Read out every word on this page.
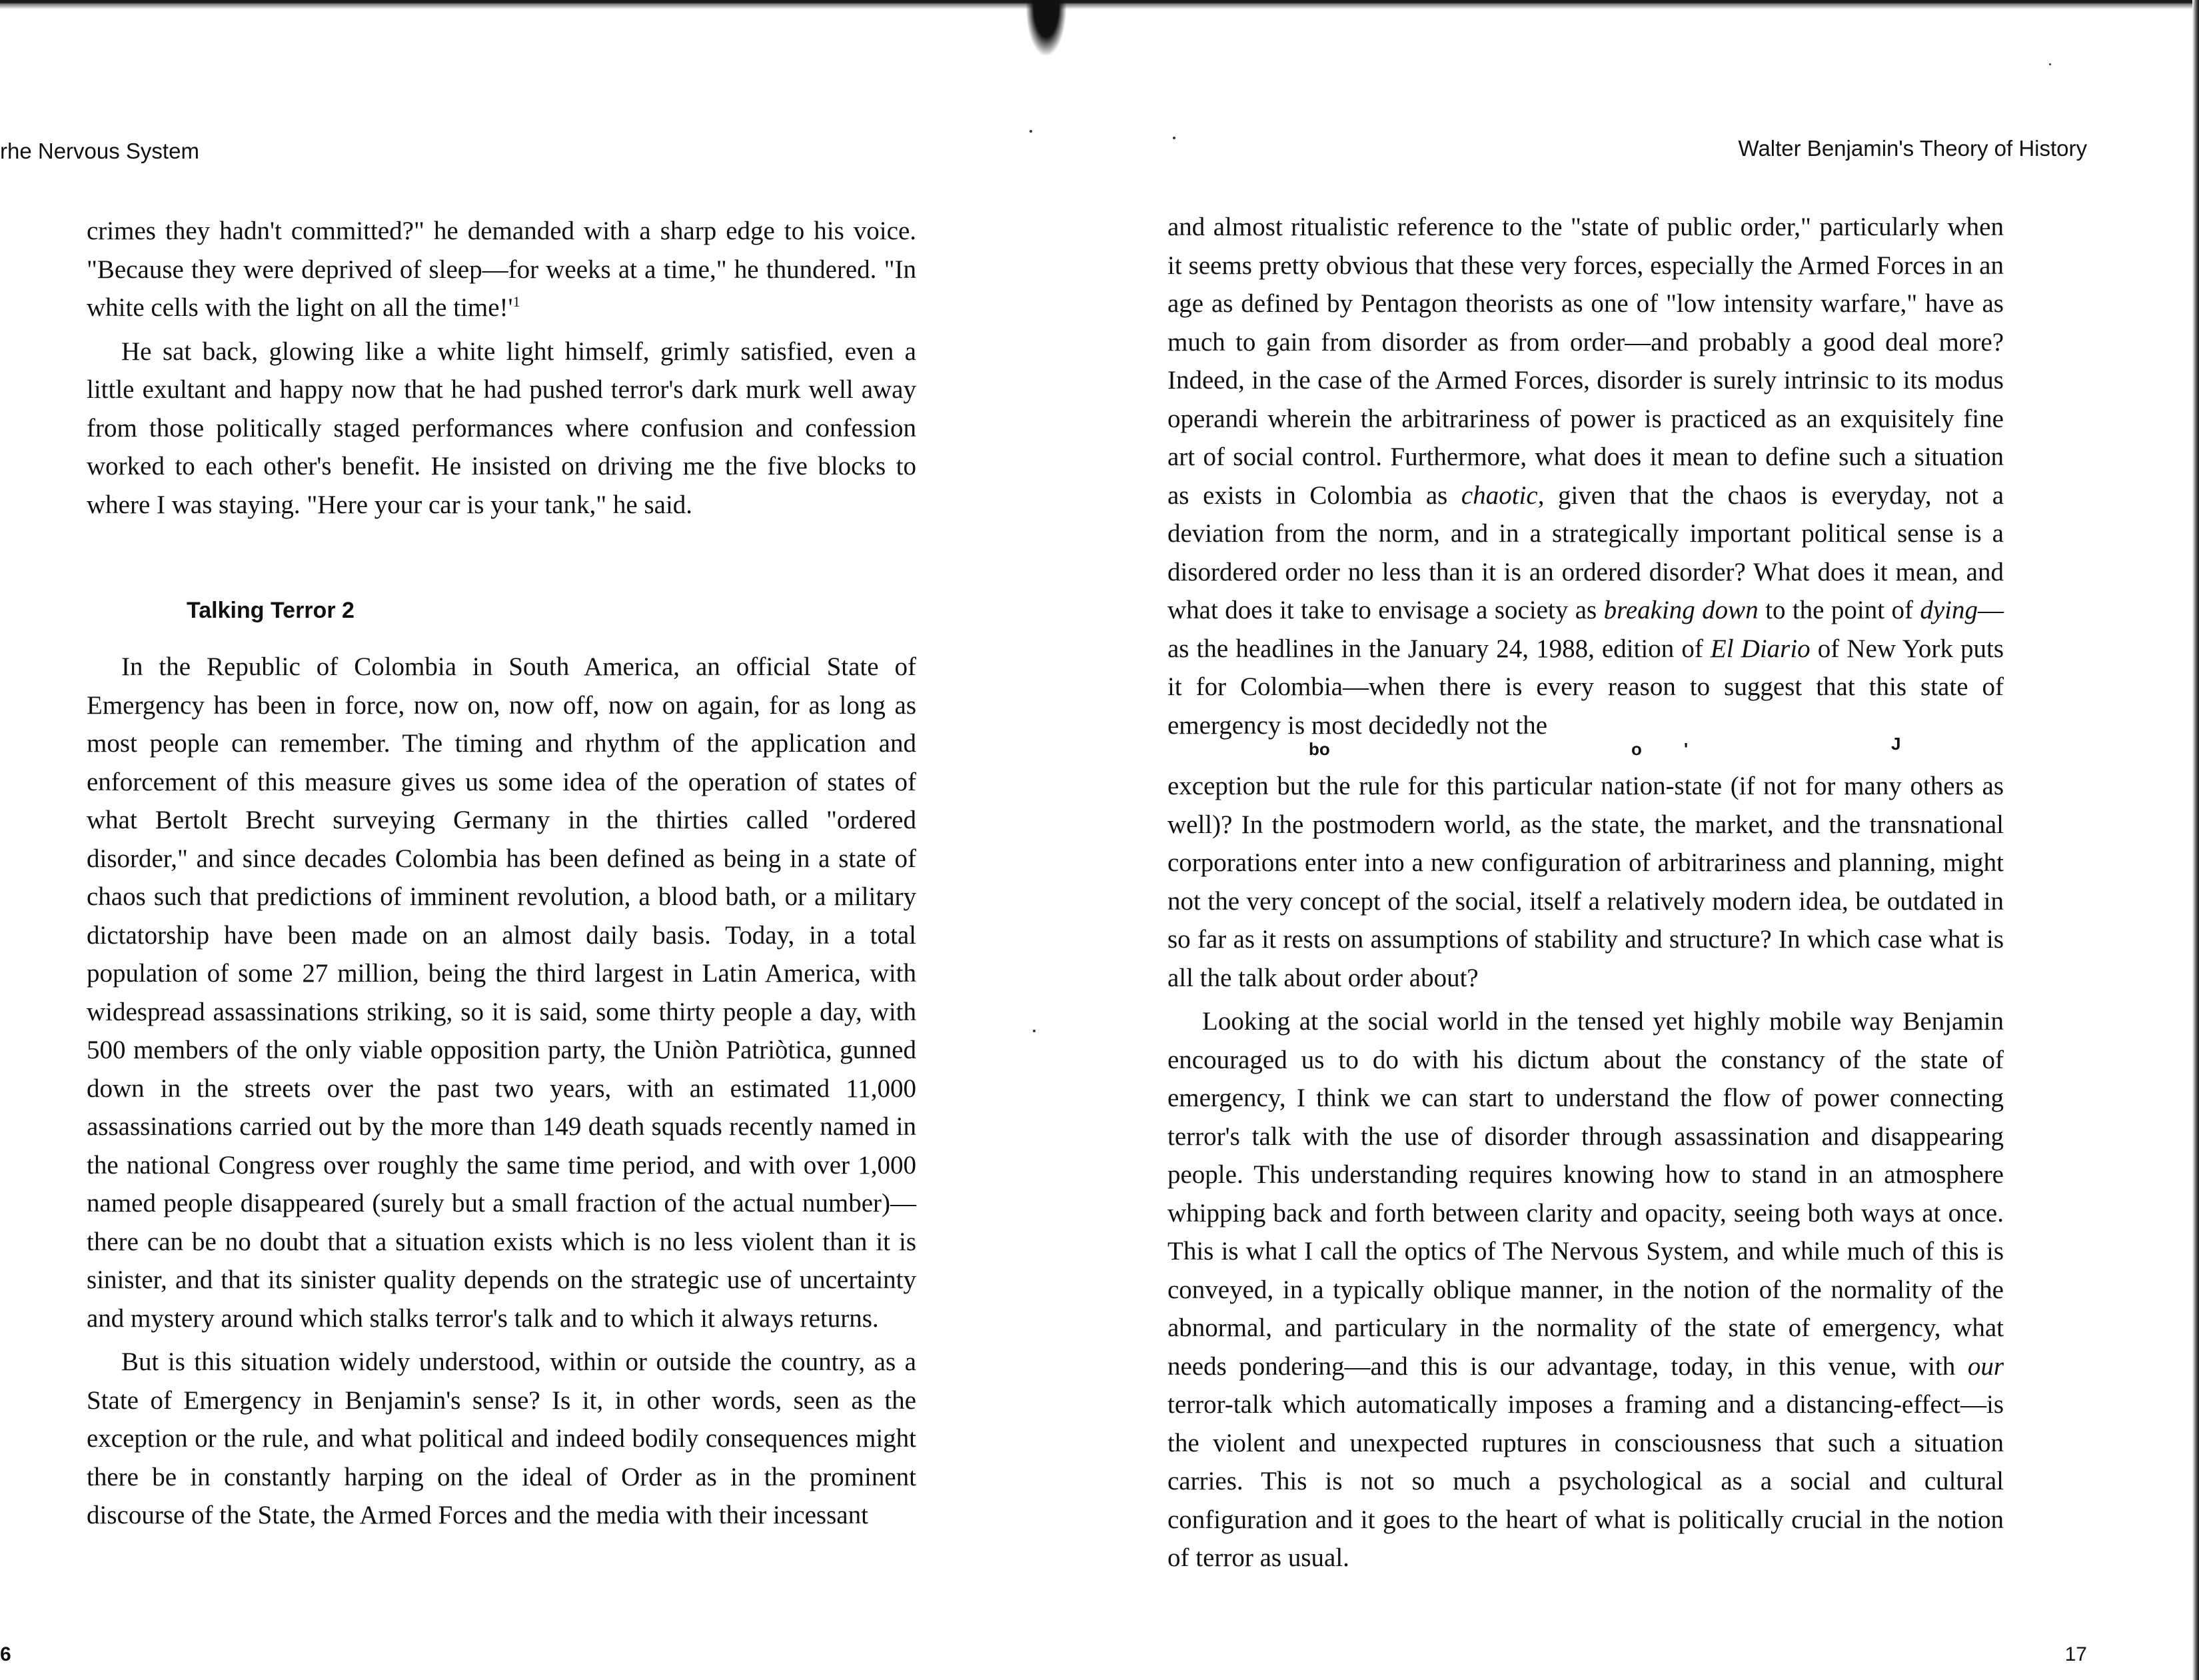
rhe Nervous System	Walter Benjamin's Theory of History

crimes they hadn't committed?" he demanded with a sharp edge to his voice. "Because they were deprived of sleep—for weeks at a time," he thundered. "In white cells with the light on all the $time!'^1$

He sat back, glowing like a white light himself, grimly satisfied, even a little exultant and happy now that he had pushed terror's dark murk well away from those politically staged performances where confusion and confession worked to each other's benefit. He insisted on driving me the five blocks to where I was staying. "Here your car is your tank," he said.

Talking Terror 2

In the Republic of Colombia in South America, an official State of Emergency has been in force, now on, now off, now on again, for as long as most people can remember. The timing and rhythm of the application and enforcement of this measure gives us some idea of the operation of states of what Bertolt Brecht surveying Germany in the thirties called "ordered disorder," and since decades Colombia has been defined as being in a state of chaos such that predictions of imminent revolution, a blood bath, or a military dictatorship have been made on an almost daily basis. Today, in a total population of some 27 million, being the third largest in Latin America, with widespread assassinations striking, so it is said, some thirty people a day, with 500 members of the only viable opposition party, the Uniòn Patriòtica, gunned down in the streets over the past two years, with an estimated 11,000 assassinations carried out by the more than 149 death squads recently named in the national Congress over roughly the same time period, and with over 1,000 named people disappeared (surely but a small fraction of the actual number)—there can be no doubt that a situation exists which is no less violent than it is sinister, and that its sinister quality depends on the strategic use of uncertainty and mystery around which stalks terror's talk and to which it always returns.

But is this situation widely understood, within or outside the country, as a State of Emergency in Benjamin's sense? Is it, in other words, seen as the exception or the rule, and what political and indeed bodily consequences might there be in constantly harping on the ideal of Order as in the prominent discourse of the State, the Armed Forces and the media with their incessant

and almost ritualistic reference to the "state of public order," particularly when it seems pretty obvious that these very forces, especially the Armed Forces in an age as defined by Pentagon theorists as one of "low intensity warfare," have as much to gain from disorder as from order—and probably a good deal more? Indeed, in the case of the Armed Forces, disorder is surely intrinsic to its modus operandi wherein the arbitrariness of power is practiced as an exquisitely fine art of social control. Furthermore, what does it mean to define such a situation as exists in Colombia as chaotic, given that the chaos is everyday, not a deviation from the norm, and in a strategically important political sense is a disordered order no less than it is an ordered disorder? What does it mean, and what does it take to envisage a society as breaking down to the point of dying—as the headlines in the January 24, 1988, edition of El Diario of New York puts it for Colombia—when there is every reason to suggest that this state of emergency is most decidedly not the

bo	o '	J

exception but the rule for this particular nation-state (if not for many others as well)? In the postmodern world, as the state, the market, and the transnational corporations enter into a new configuration of arbitrariness and planning, might not the very concept of the social, itself a relatively modern idea, be outdated in so far as it rests on assumptions of stability and structure? In which case what is all the talk about order about?

Looking at the social world in the tensed yet highly mobile way Benjamin encouraged us to do with his dictum about the constancy of the state of emergency, I think we can start to understand the flow of power connecting terror's talk with the use of disorder through assassination and disappearing people. This understanding requires knowing how to stand in an atmosphere whipping back and forth between clarity and opacity, seeing both ways at once. This is what I call the optics of The Nervous System, and while much of this is conveyed, in a typically oblique manner, in the notion of the normality of the abnormal, and particulary in the normality of the state of emergency, what needs pondering—and this is our advantage, today, in this venue, with our terror-talk which automatically imposes a framing and a distancing-effect—is the violent and unexpected ruptures in consciousness that such a situation carries. This is not so much a psychological as a social and cultural configuration and it goes to the heart of what is politically crucial in the notion of terror as usual.

6	17
